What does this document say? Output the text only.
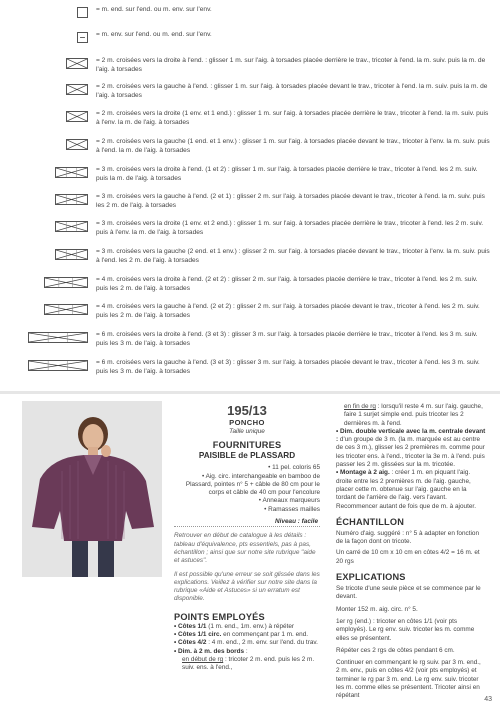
= m. end. sur l'end. ou m. env. sur l'env.
= m. env. sur l'end. ou m. end. sur l'env.
= 2 m. croisées vers la droite à l'end. : glisser 1 m. sur l'aig. à torsades placée derrière le trav., tricoter à l'end. la m. suiv. puis la m. de l'aig. à torsades
= 2 m. croisées vers la gauche à l'end. : glisser 1 m. sur l'aig. à torsades placée devant le trav., tricoter à l'end. la m. suiv. puis la m. de l'aig. à torsades
= 2 m. croisées vers la droite (1 env. et 1 end.) : glisser 1 m. sur l'aig. à torsades placée derrière le trav., tricoter à l'end. la m. suiv. puis à l'env. la m. de l'aig. à torsades
= 2 m. croisées vers la gauche (1 end. et 1 env.) : glisser 1 m. sur l'aig. à torsades placée devant le trav., tricoter à l'env. la m. suiv. puis à l'end. la m. de l'aig. à torsades
= 3 m. croisées vers la droite à l'end. (1 et 2) : glisser 1 m. sur l'aig. à torsades placée derrière le trav., tricoter à l'end. les 2 m. suiv. puis la m. de l'aig. à torsades
= 3 m. croisées vers la gauche à l'end. (2 et 1) : glisser 2 m. sur l'aig. à torsades placée devant le trav., tricoter à l'end. la m. suiv. puis les 2 m. de l'aig. à torsades
= 3 m. croisées vers la droite (1 env. et 2 end.) : glisser 1 m. sur l'aig. à torsades placée derrière le trav., tricoter à l'end. les 2 m. suiv. puis à l'env. la m. de l'aig. à torsades
= 3 m. croisées vers la gauche (2 end. et 1 env.) : glisser 2 m. sur l'aig. à torsades placée devant le trav., tricoter à l'env. la m. suiv. puis à l'end. les 2 m. de l'aig. à torsades
= 4 m. croisées vers la droite à l'end. (2 et 2) : glisser 2 m. sur l'aig. à torsades placée derrière le trav., tricoter à l'end. les 2 m. suiv. puis les 2 m. de l'aig. à torsades
= 4 m. croisées vers la gauche à l'end. (2 et 2) : glisser 2 m. sur l'aig. à torsades placée devant le trav., tricoter à l'end. les 2 m. suiv. puis les 2 m. de l'aig. à torsades
= 6 m. croisées vers la droite à l'end. (3 et 3) : glisser 3 m. sur l'aig. à torsades placée derrière le trav., tricoter à l'end. les 3 m. suiv. puis les 3 m. de l'aig. à torsades
= 6 m. croisées vers la gauche à l'end. (3 et 3) : glisser 3 m. sur l'aig. à torsades placée devant le trav., tricoter à l'end. les 3 m. suiv. puis les 3 m. de l'aig. à torsades
195/13
PONCHO
Taille unique
FOURNITURES
PAISIBLE de PLASSARD
• 11 pel. coloris 65
• Aig. circ. interchangeable en bamboo de Plassard, pointes n° 5 + câble de 80 cm pour le corps et câble de 40 cm pour l'encolure
• Anneaux marqueurs
• Ramasses mailles
Niveau : facile
Retrouver en début de catalogue à les détails : tableau d'équivalence, pts essentiels, pas à pas, échantillon ; ainsi que sur notre site rubrique "aide et astuces".
Il est possible qu'une erreur se soit glissée dans les explications. Veillez à vérifier sur notre site dans la rubrique «Aide et Astuces» si un erratum est disponible.
POINTS EMPLOYÉS
• Côtes 1/1 (1 m. end., 1m. env.) à répéter
• Côtes 1/1 circ. en commençant par 1 m. end.
• Côtes 4/2 : 4 m. end., 2 m. env. sur l'end. du trav.
• Dim. à 2 m. des bords :
en début de rg : tricoter 2 m. end. puis les 2 m. suiv. ens. à l'end.,
en fin de rg : lorsqu'il reste 4 m. sur l'aig. gauche, faire 1 surjet simple end. puis tricoter les 2 dernières m. à l'end.
• Dim. double verticale avec la m. centrale devant : d'un groupe de 3 m. (la m. marquée est au centre de ces 3 m.), glisser les 2 premières m. comme pour les tricoter ens. à l'end., tricoter la 3e m. à l'end. puis passer les 2 m. glissées sur la m. tricotée.
• Montage à 2 aig. : créer 1 m. en piquant l'aig. droite entre les 2 premières m. de l'aig. gauche, placer cette m. obtenue sur l'aig. gauche en la tordant de l'arrière de l'aig. vers l'avant. Recommencer autant de fois que de m. à ajouter.
ÉCHANTILLON
Numéro d'aig. suggéré : n° 5 à adapter en fonction de la façon dont on tricote.
Un carré de 10 cm x 10 cm en côtes 4/2 = 16 m. et 20 rgs
EXPLICATIONS
Se tricote d'une seule pièce et se commence par le devant.
Monter 152 m. aig. circ. n° 5.
1er rg (end.) : tricoter en côtes 1/1 (voir pts employés). Le rg env. suiv. tricoter les m. comme elles se présentent.
Répéter ces 2 rgs de côtes pendant 6 cm.
Continuer en commençant le rg suiv. par 3 m. end., 2 m. env., puis en côtes 4/2 (voir pts employés) et terminer le rg par 3 m. end. Le rg env. suiv. tricoter les m. comme elles se présentent. Tricoter ainsi en répétant
43
